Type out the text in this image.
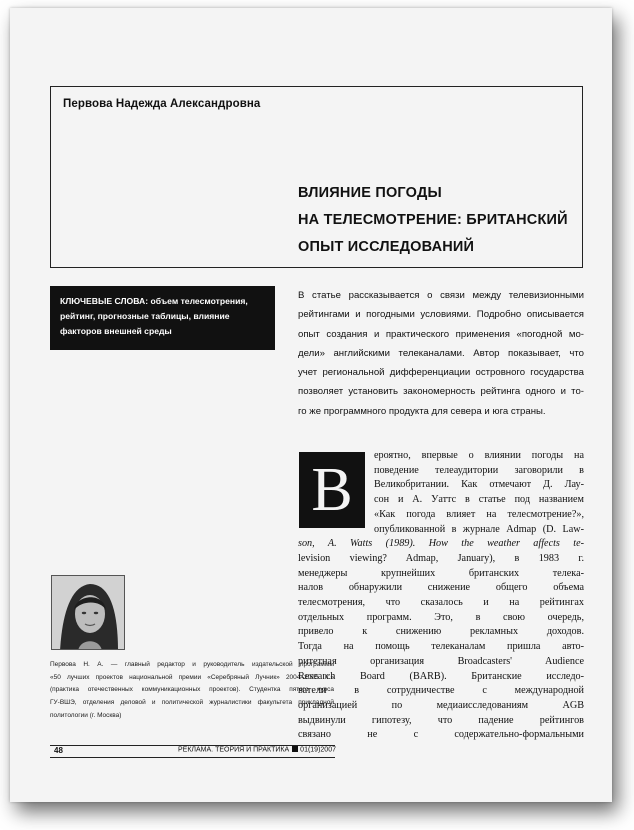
Первова Надежда Александровна
ВЛИЯНИЕ ПОГОДЫ
НА ТЕЛЕСМОТРЕНИЕ: БРИТАНСКИЙ
ОПЫТ ИССЛЕДОВАНИЙ
КЛЮЧЕВЫЕ СЛОВА: объем телесмотрения,
рейтинг, прогнозные таблицы, влияние
факторов внешней среды
В статье рассказывается о связи между телевизионными
рейтингами и погодными условиями. Подробно описывается
опыт создания и практического применения «погодной мо-
дели» английскими телеканалами. Автор показывает, что
учет региональной дифференциации островного государства
позволяет установить закономерность рейтинга одного и то-
го же программного продукта для севера и юга страны.
В
ероятно, впервые о влиянии погоды на
поведение телеаудитории заговорили в
Великобритании. Как отмечают Д. Лау-
сон и А. Уаттс в статье под названием
«Как погода влияет на телесмотрение?»,
опубликованной в журнале Admap (D. Law-
son, A. Watts (1989). How the weather affects te-
levision viewing? Admap, January), в 1983 г.
менеджеры крупнейших британских телека-
налов обнаружили снижение общего объема
телесмотрения, что сказалось и на рейтингах
отдельных программ. Это, в свою очередь,
привело к снижению рекламных доходов.
Тогда на помощь телеканалам пришла авто-
ритетная организация Broadcasters' Audience
Research Board (BARB). Британские исследо-
ватели в сотрудничестве с международной
организацией по медиаисследованиям AGB
выдвинули гипотезу, что падение рейтингов
связано не с содержательно-формальными
Первова Н. А. — главный редактор и руководитель издательской программы
«50 лучших проектов национальной премии «Серебряный Лучник» 2004–2005 гг.»
(практика отечественных коммуникационных проектов). Студентка пятого курса
ГУ-ВШЭ, отделения деловой и политической журналистики факультета прикладной
политологии (г. Москва)
48	РЕКЛАМА. ТЕОРИЯ И ПРАКТИКА 01(19)2007
